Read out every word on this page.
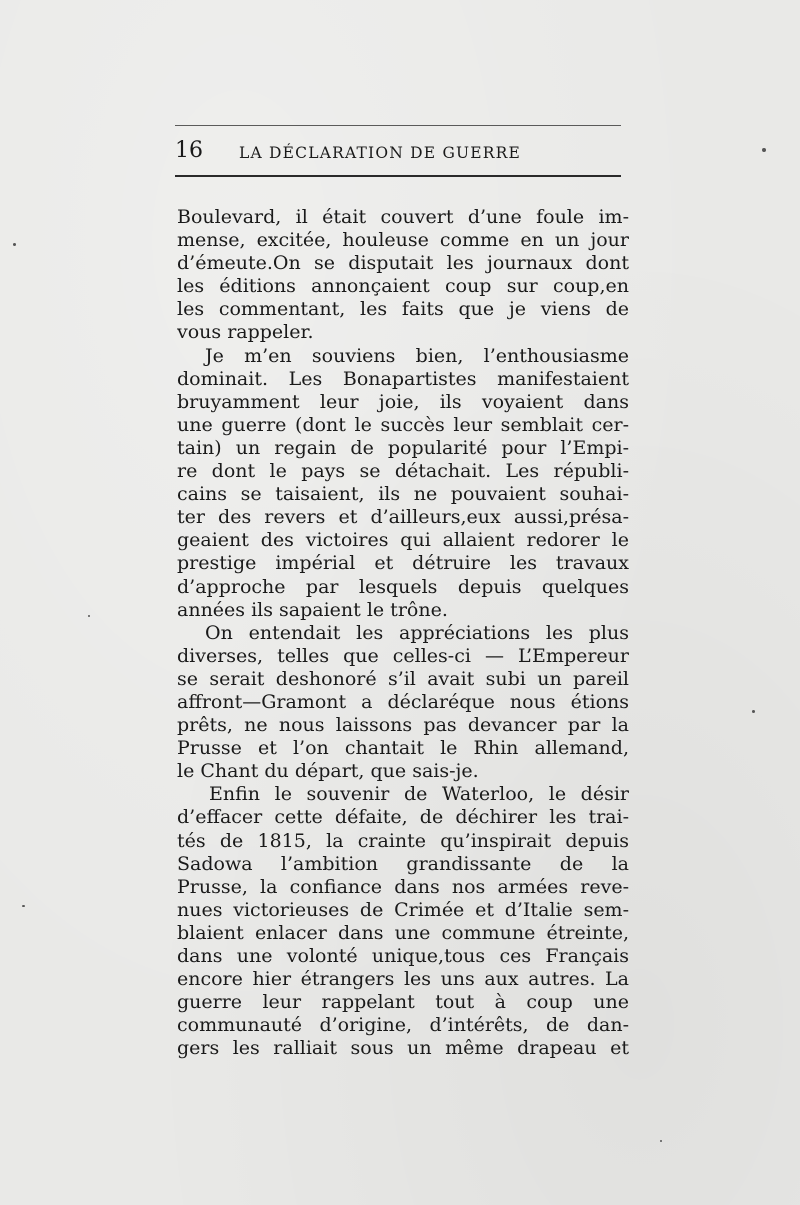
16 LA DÉCLARATION DE GUERRE
Boulevard, il était couvert d’une foule im-
mense, excitée, houleuse comme en un jour
d’émeute.On se disputait les journaux dont
les éditions annonçaient coup sur coup,en
les commentant, les faits que je viens de
vous rappeler.
Je m’en souviens bien, l’enthousiasme
dominait. Les Bonapartistes manifestaient
bruyamment leur joie, ils voyaient dans
une guerre (dont le succès leur semblait cer-
tain) un regain de popularité pour l’Empi-
re dont le pays se détachait. Les républi-
cains se taisaient, ils ne pouvaient souhai-
ter des revers et d’ailleurs,eux aussi,présa-
geaient des victoires qui allaient redorer le
prestige impérial et détruire les travaux
d’approche par lesquels depuis quelques
années ils sapaient le trône.
On entendait les appréciations les plus
diverses, telles que celles-ci — L’Empereur
se serait deshonoré s’il avait subi un pareil
affront—Gramont a déclaréque nous étions
prêts, ne nous laissons pas devancer par la
Prusse et l’on chantait le Rhin allemand,
le Chant du départ, que sais-je.
Enfin le souvenir de Waterloo, le désir
d’effacer cette défaite, de déchirer les trai-
tés de 1815, la crainte qu’inspirait depuis
Sadowa l’ambition grandissante de la
Prusse, la confiance dans nos armées reve-
nues victorieuses de Crimée et d’Italie sem-
blaient enlacer dans une commune étreinte,
dans une volonté unique,tous ces Français
encore hier étrangers les uns aux autres. La
guerre leur rappelant tout à coup une
communauté d’origine, d’intérêts, de dan-
gers les ralliait sous un même drapeau et
